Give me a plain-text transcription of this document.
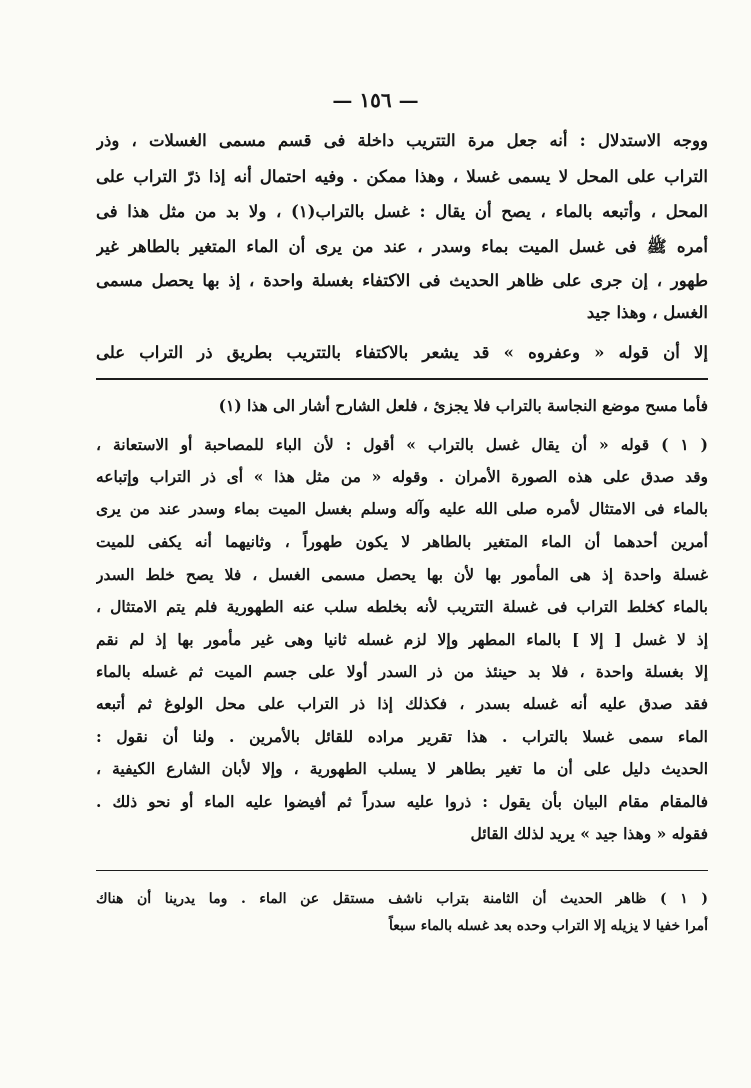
— ١٥٦ —
ووجه الاستدلال : أنه جعل مرة التتريب داخلة فى قسم مسمى الغسلات ، وذر
التراب على المحل لا يسمى غسلا ، وهذا ممكن . وفيه احتمال أنه إذا ذرّ التراب على
المحل ، وأتبعه بالماء ، يصح أن يقال : غسل بالتراب(١) ، ولا بد من مثل هذا فى
أمره ﷺ فى غسل الميت بماء وسدر ، عند من يرى أن الماء المتغير بالطاهر غير
طهور ، إن جرى على ظاهر الحديث فى الاكتفاء بغسلة واحدة ، إذ بها يحصل مسمى
الغسل ، وهذا جيد
إلا أن قوله « وعفروه » قد يشعر بالاكتفاء بالتتريب بطريق ذر التراب على
فأما مسح موضع النجاسة بالتراب فلا يجزئ ، فلعل الشارح أشار الى هذا (١)
( ١ ) قوله « أن يقال غسل بالتراب » أقول : لأن الباء للمصاحبة أو الاستعانة ،
وقد صدق على هذه الصورة الأمران . وقوله « من مثل هذا » أى ذر التراب وإتباعه
بالماء فى الامتثال لأمره صلى الله عليه وآله وسلم بغسل الميت بماء وسدر عند من يرى
أمرين أحدهما أن الماء المتغير بالطاهر لا يكون طهوراً ، وثانيهما أنه يكفى للميت
غسلة واحدة إذ هى المأمور بها لأن بها يحصل مسمى الغسل ، فلا يصح خلط السدر
بالماء كخلط التراب فى غسلة التتريب لأنه بخلطه سلب عنه الطهورية فلم يتم الامتثال ،
إذ لا غسل [ إلا ] بالماء المطهر وإلا لزم غسله ثانيا وهى غير مأمور بها إذ لم نقم
إلا بغسلة واحدة ، فلا بد حينئذ من ذر السدر أولا على جسم الميت ثم غسله بالماء
فقد صدق عليه أنه غسله بسدر ، فكذلك إذا ذر التراب على محل الولوغ ثم أتبعه
الماء سمى غسلا بالتراب . هذا تقرير مراده للقائل بالأمرين . ولنا أن نقول :
الحديث دليل على أن ما تغير بطاهر لا يسلب الطهورية ، وإلا لأبان الشارع الكيفية ،
فالمقام مقام البيان بأن يقول : ذروا عليه سدراً ثم أفيضوا عليه الماء أو نحو ذلك .
فقوله « وهذا جيد » يريد لذلك القائل
( ١ ) ظاهر الحديث أن الثامنة بتراب ناشف مستقل عن الماء . وما يدرينا أن هناك
أمرا خفيا لا يزيله إلا التراب وحده بعد غسله بالماء سبعاً
